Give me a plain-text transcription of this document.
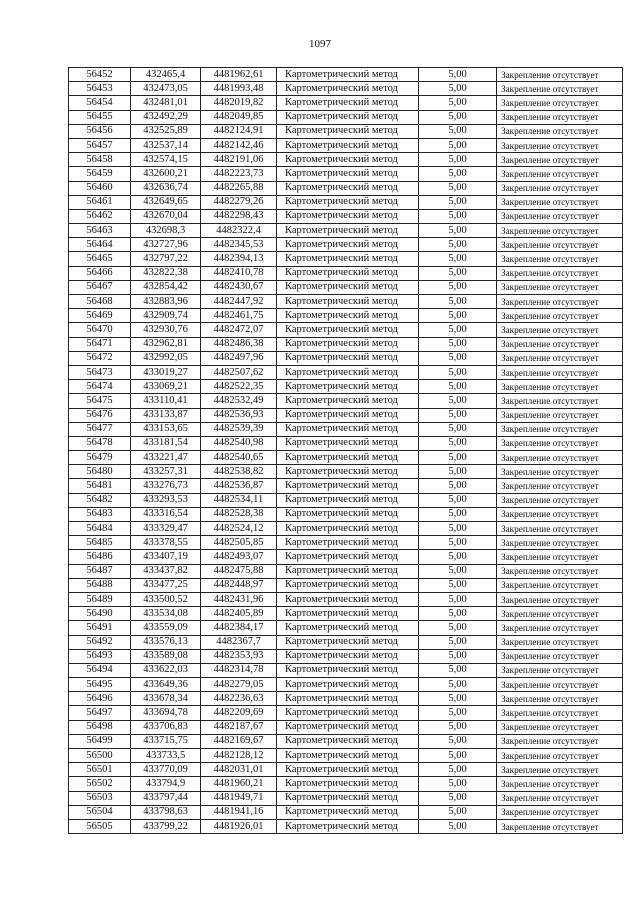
1097
56452	432465,4	4481962,61	Картометрический метод	5,00	Закрепление отсутствует
56453	432473,05	4481993,48	Картометрический метод	5,00	Закрепление отсутствует
56454	432481,01	4482019,82	Картометрический метод	5,00	Закрепление отсутствует
56455	432492,29	4482049,85	Картометрический метод	5,00	Закрепление отсутствует
56456	432525,89	4482124,91	Картометрический метод	5,00	Закрепление отсутствует
56457	432537,14	4482142,46	Картометрический метод	5,00	Закрепление отсутствует
56458	432574,15	4482191,06	Картометрический метод	5,00	Закрепление отсутствует
56459	432600,21	4482223,73	Картометрический метод	5,00	Закрепление отсутствует
56460	432636,74	4482265,88	Картометрический метод	5,00	Закрепление отсутствует
56461	432649,65	4482279,26	Картометрический метод	5,00	Закрепление отсутствует
56462	432670,04	4482298,43	Картометрический метод	5,00	Закрепление отсутствует
56463	432698,3	4482322,4	Картометрический метод	5,00	Закрепление отсутствует
56464	432727,96	4482345,53	Картометрический метод	5,00	Закрепление отсутствует
56465	432797,22	4482394,13	Картометрический метод	5,00	Закрепление отсутствует
56466	432822,38	4482410,78	Картометрический метод	5,00	Закрепление отсутствует
56467	432854,42	4482430,67	Картометрический метод	5,00	Закрепление отсутствует
56468	432883,96	4482447,92	Картометрический метод	5,00	Закрепление отсутствует
56469	432909,74	4482461,75	Картометрический метод	5,00	Закрепление отсутствует
56470	432930,76	4482472,07	Картометрический метод	5,00	Закрепление отсутствует
56471	432962,81	4482486,38	Картометрический метод	5,00	Закрепление отсутствует
56472	432992,05	4482497,96	Картометрический метод	5,00	Закрепление отсутствует
56473	433019,27	4482507,62	Картометрический метод	5,00	Закрепление отсутствует
56474	433069,21	4482522,35	Картометрический метод	5,00	Закрепление отсутствует
56475	433110,41	4482532,49	Картометрический метод	5,00	Закрепление отсутствует
56476	433133,87	4482536,93	Картометрический метод	5,00	Закрепление отсутствует
56477	433153,65	4482539,39	Картометрический метод	5,00	Закрепление отсутствует
56478	433181,54	4482540,98	Картометрический метод	5,00	Закрепление отсутствует
56479	433221,47	4482540,65	Картометрический метод	5,00	Закрепление отсутствует
56480	433257,31	4482538,82	Картометрический метод	5,00	Закрепление отсутствует
56481	433276,73	4482536,87	Картометрический метод	5,00	Закрепление отсутствует
56482	433293,53	4482534,11	Картометрический метод	5,00	Закрепление отсутствует
56483	433316,54	4482528,38	Картометрический метод	5,00	Закрепление отсутствует
56484	433329,47	4482524,12	Картометрический метод	5,00	Закрепление отсутствует
56485	433378,55	4482505,85	Картометрический метод	5,00	Закрепление отсутствует
56486	433407,19	4482493,07	Картометрический метод	5,00	Закрепление отсутствует
56487	433437,82	4482475,88	Картометрический метод	5,00	Закрепление отсутствует
56488	433477,25	4482448,97	Картометрический метод	5,00	Закрепление отсутствует
56489	433500,52	4482431,96	Картометрический метод	5,00	Закрепление отсутствует
56490	433534,08	4482405,89	Картометрический метод	5,00	Закрепление отсутствует
56491	433559,09	4482384,17	Картометрический метод	5,00	Закрепление отсутствует
56492	433576,13	4482367,7	Картометрический метод	5,00	Закрепление отсутствует
56493	433589,08	4482353,93	Картометрический метод	5,00	Закрепление отсутствует
56494	433622,03	4482314,78	Картометрический метод	5,00	Закрепление отсутствует
56495	433649,36	4482279,05	Картометрический метод	5,00	Закрепление отсутствует
56496	433678,34	4482236,63	Картометрический метод	5,00	Закрепление отсутствует
56497	433694,78	4482209,69	Картометрический метод	5,00	Закрепление отсутствует
56498	433706,83	4482187,67	Картометрический метод	5,00	Закрепление отсутствует
56499	433715,75	4482169,67	Картометрический метод	5,00	Закрепление отсутствует
56500	433733,5	4482128,12	Картометрический метод	5,00	Закрепление отсутствует
56501	433770,09	4482031,01	Картометрический метод	5,00	Закрепление отсутствует
56502	433794,9	4481960,21	Картометрический метод	5,00	Закрепление отсутствует
56503	433797,44	4481949,71	Картометрический метод	5,00	Закрепление отсутствует
56504	433798,63	4481941,16	Картометрический метод	5,00	Закрепление отсутствует
56505	433799,22	4481926,01	Картометрический метод	5,00	Закрепление отсутствует
